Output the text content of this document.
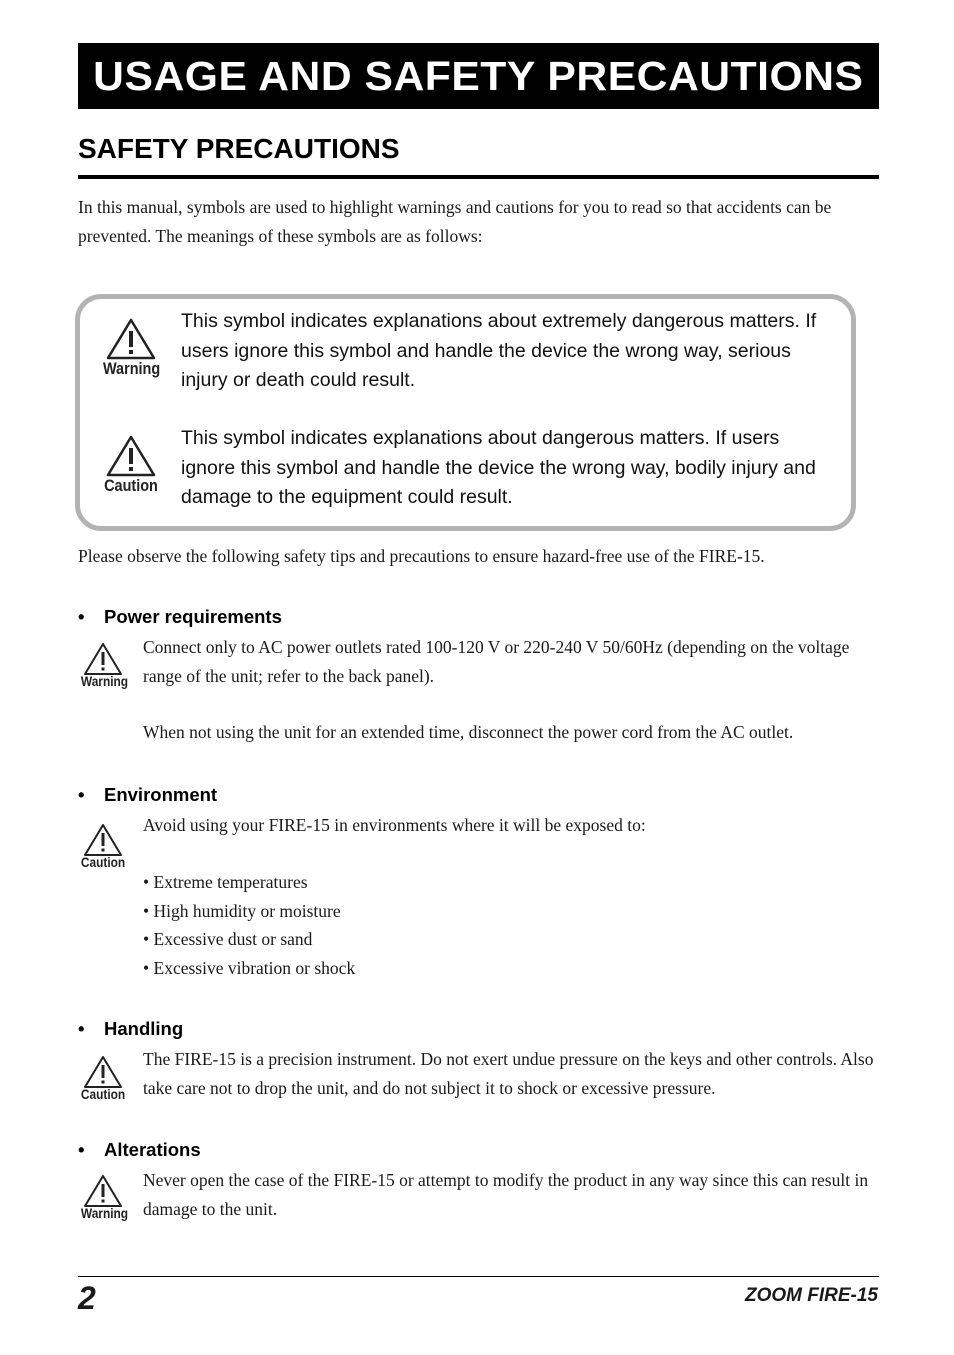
USAGE AND SAFETY PRECAUTIONS
SAFETY PRECAUTIONS
In this manual, symbols are used to highlight warnings and cautions for you to read so that accidents can be prevented. The meanings of these symbols are as follows:
Warning
This symbol indicates explanations about extremely dangerous matters. If users ignore this symbol and handle the device the wrong way, serious injury or death could result.
Caution
This symbol indicates explanations about dangerous matters. If users ignore this symbol and handle the device the wrong way, bodily injury and damage to the equipment could result.
Please observe the following safety tips and precautions to ensure hazard-free use of the FIRE-15.
• Power requirements
Warning
Connect only to AC power outlets rated 100-120 V or 220-240 V 50/60Hz (depending on the voltage range of the unit; refer to the back panel).
When not using the unit for an extended time, disconnect the power cord from the AC outlet.
• Environment
Caution
Avoid using your FIRE-15 in environments where it will be exposed to:
• Extreme temperatures
• High humidity or moisture
• Excessive dust or sand
• Excessive vibration or shock
• Handling
Caution
The FIRE-15 is a precision instrument. Do not exert undue pressure on the keys and other controls. Also take care not to drop the unit, and do not subject it to shock or excessive pressure.
• Alterations
Warning
Never open the case of the FIRE-15 or attempt to modify the product in any way since this can result in damage to the unit.
2	ZOOM FIRE-15
